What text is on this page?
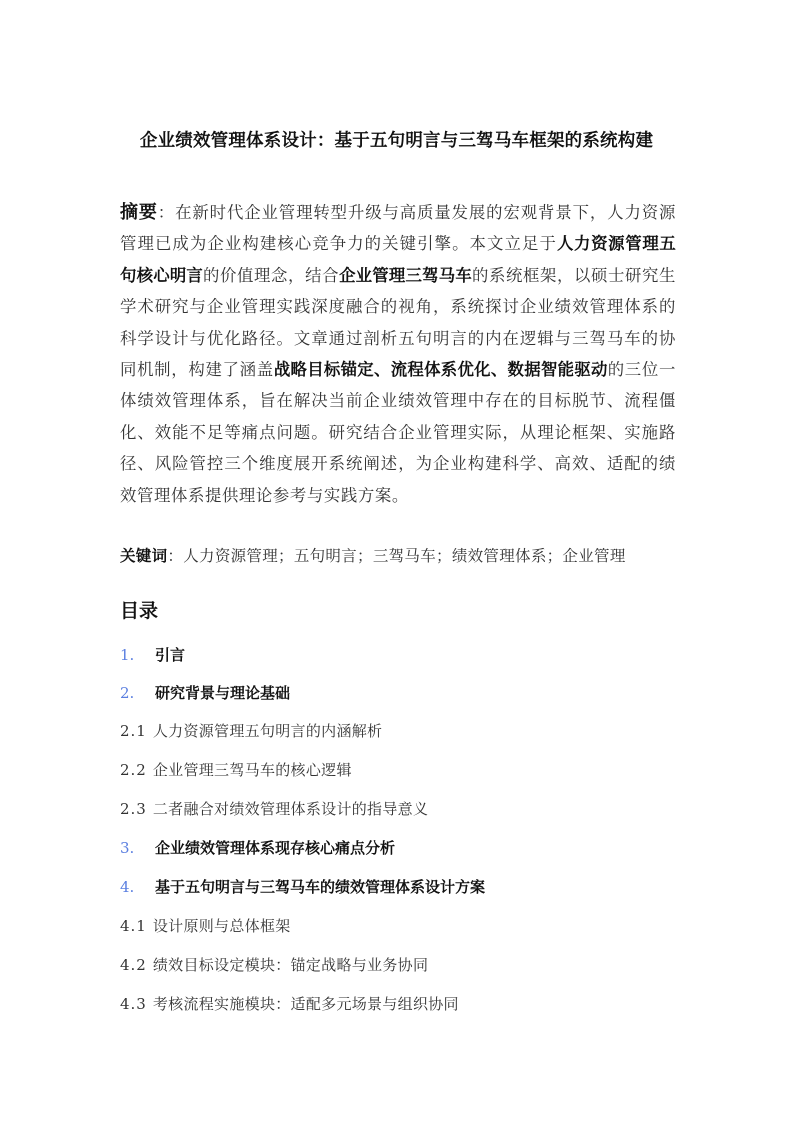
企业绩效管理体系设计：基于五句明言与三驾马车框架的系统构建
摘要：在新时代企业管理转型升级与高质量发展的宏观背景下，人力资源管理已成为企业构建核心竞争力的关键引擎。本文立足于人力资源管理五句核心明言的价值理念，结合企业管理三驾马车的系统框架，以硕士研究生学术研究与企业管理实践深度融合的视角，系统探讨企业绩效管理体系的科学设计与优化路径。文章通过剖析五句明言的内在逻辑与三驾马车的协同机制，构建了涵盖战略目标锚定、流程体系优化、数据智能驱动的三位一体绩效管理体系，旨在解决当前企业绩效管理中存在的目标脱节、流程僵化、效能不足等痛点问题。研究结合企业管理实际，从理论框架、实施路径、风险管控三个维度展开系统阐述，为企业构建科学、高效、适配的绩效管理体系提供理论参考与实践方案。
关键词：人力资源管理；五句明言；三驾马车；绩效管理体系；企业管理
目录
1. 引言
2. 研究背景与理论基础
2.1 人力资源管理五句明言的内涵解析
2.2 企业管理三驾马车的核心逻辑
2.3 二者融合对绩效管理体系设计的指导意义
3. 企业绩效管理体系现存核心痛点分析
4. 基于五句明言与三驾马车的绩效管理体系设计方案
4.1 设计原则与总体框架
4.2 绩效目标设定模块：锚定战略与业务协同
4.3 考核流程实施模块：适配多元场景与组织协同
